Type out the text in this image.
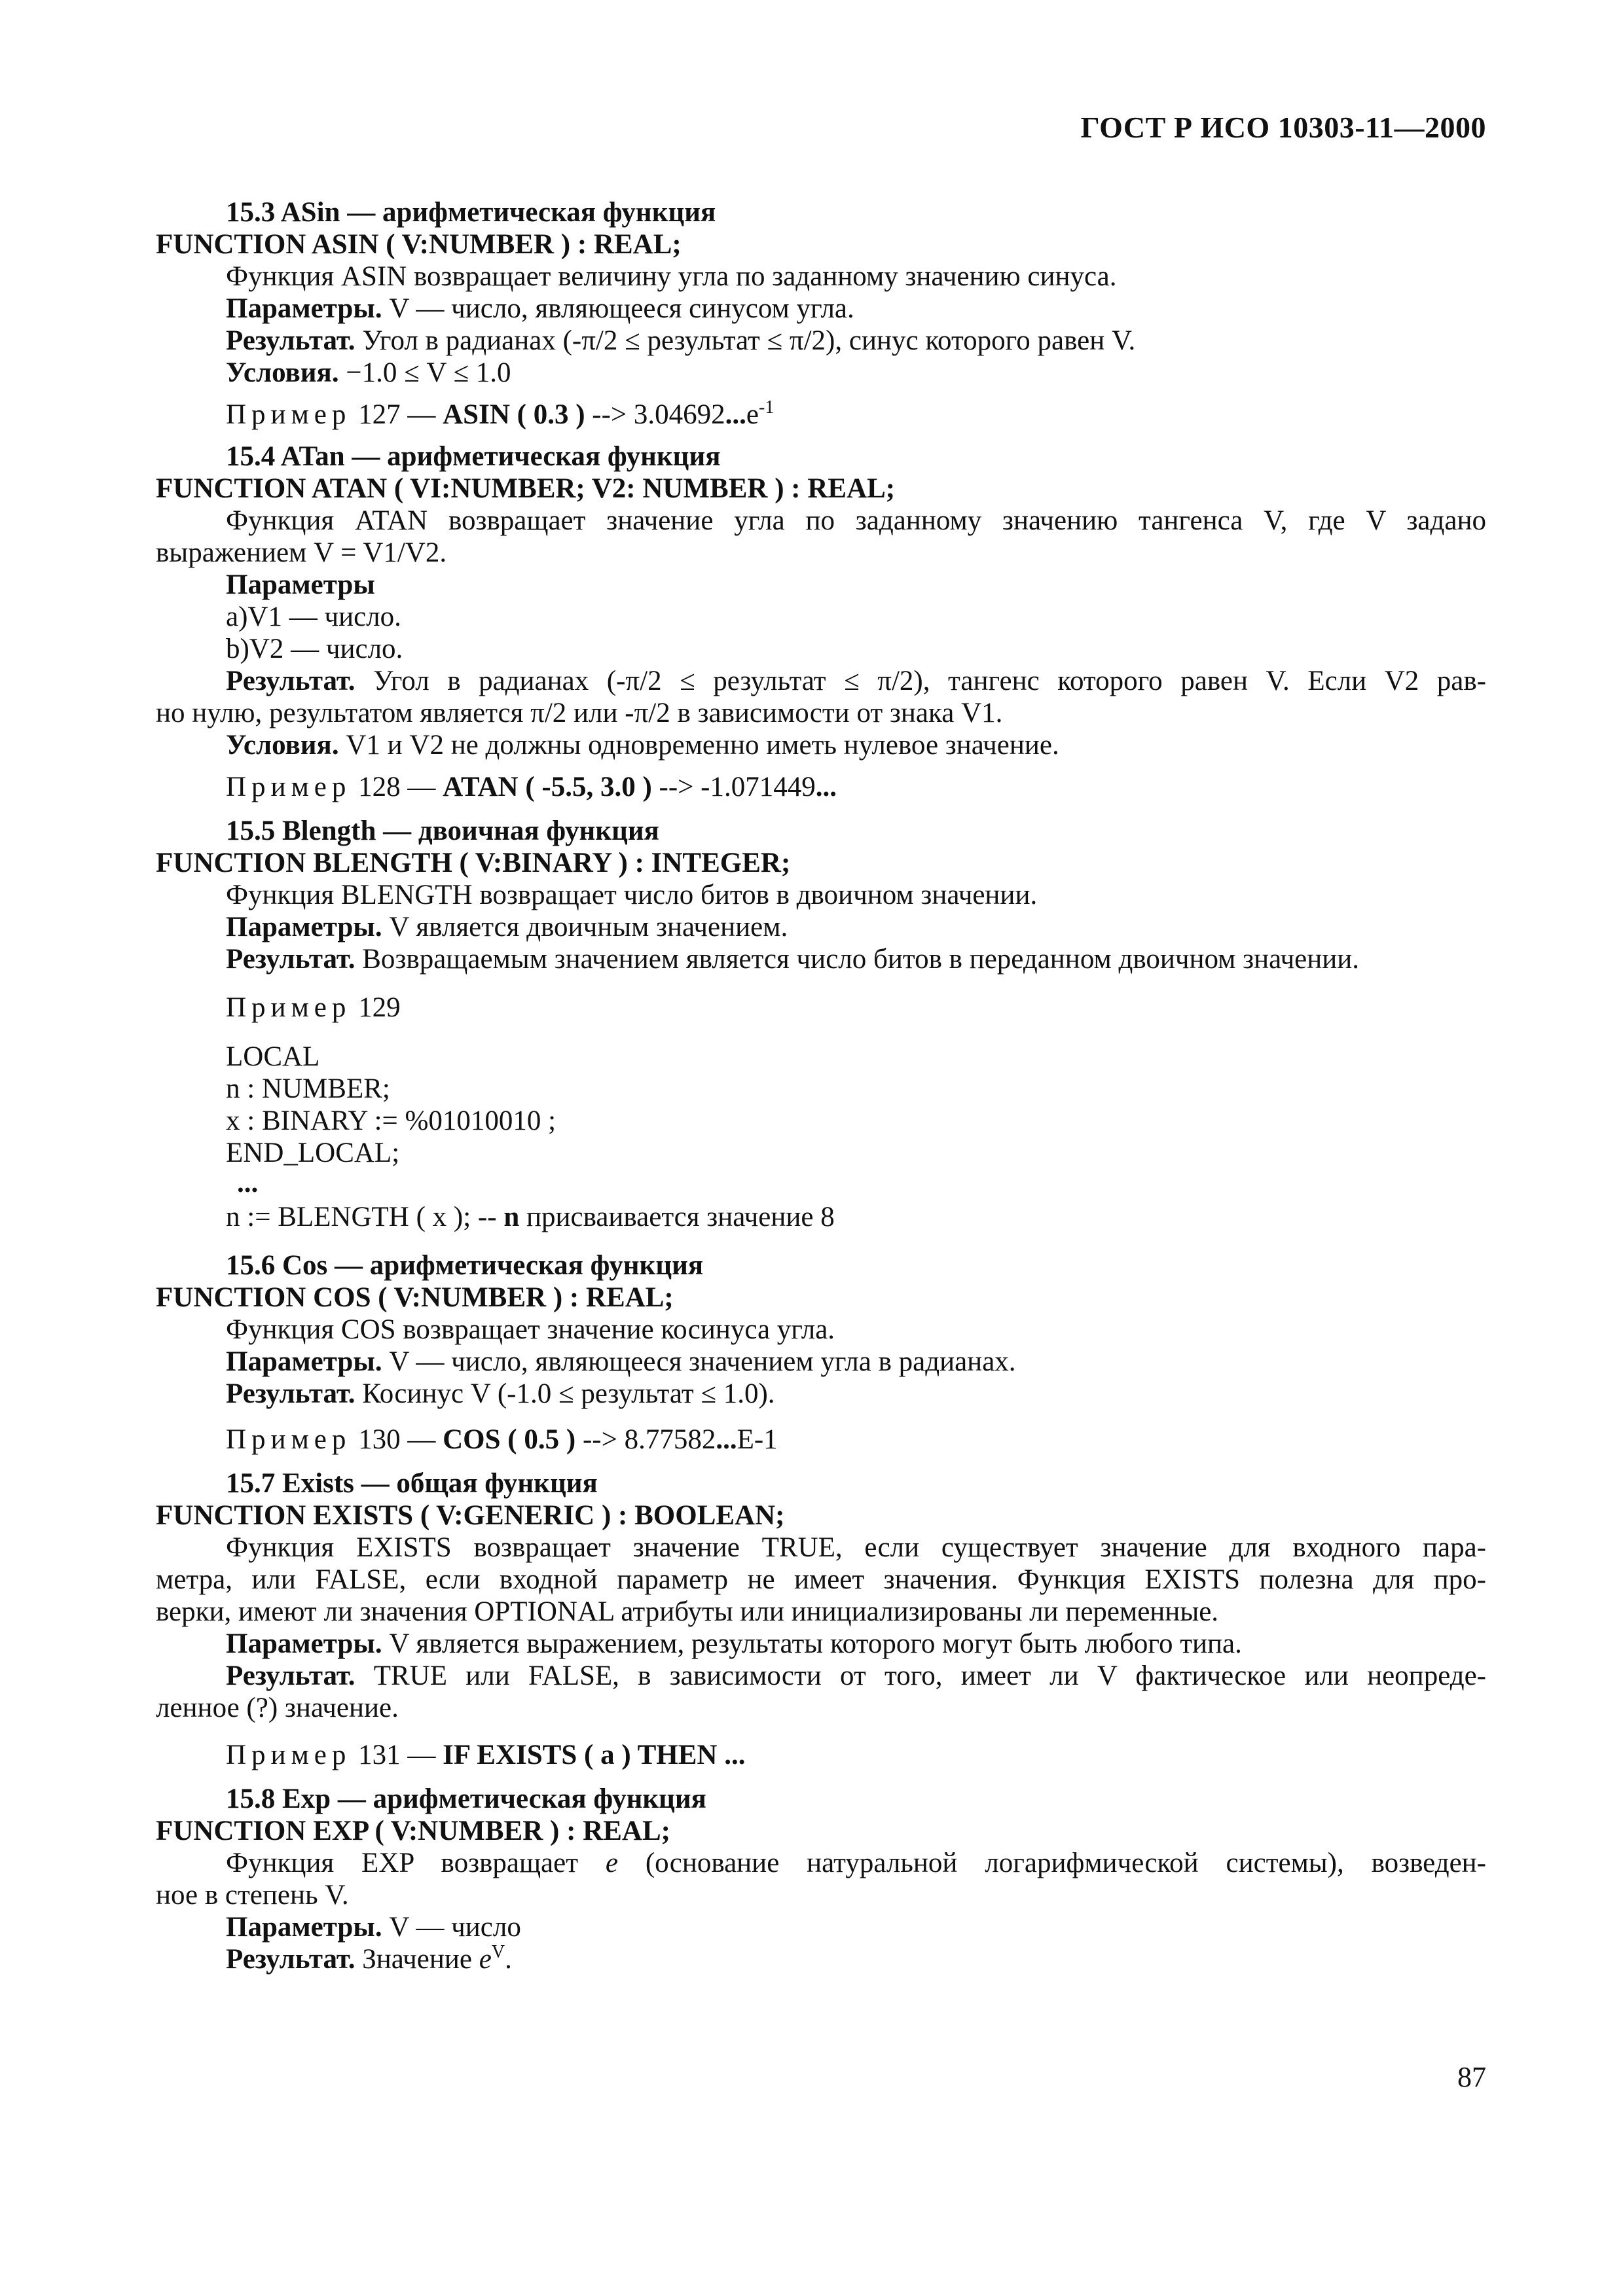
ГОСТ Р ИСО 10303-11—2000
15.3 ASin — арифметическая функция
FUNCTION ASIN ( V:NUMBER ) : REAL;
Функция ASIN возвращает величину угла по заданному значению синуса.
Параметры. V — число, являющееся синусом угла.
Результат. Угол в радианах (-π/2 ≤ результат ≤ π/2), синус которого равен V.
Условия. −1.0 ≤ V ≤ 1.0
Пример 127 — ASIN ( 0.3 ) --> $3.04692...e^{-1}$
15.4 ATan — арифметическая функция
FUNCTION ATAN ( VI:NUMBER; V2: NUMBER ) : REAL;
Функция ATAN возвращает значение угла по заданному значению тангенса V, где V задано
выражением V = V1/V2.
Параметры
a)V1 — число.
b)V2 — число.
Результат. Угол в радианах (-π/2 ≤ результат ≤ π/2), тангенс которого равен V. Если V2 рав-
но нулю, результатом является π/2 или -π/2 в зависимости от знака V1.
Условия. V1 и V2 не должны одновременно иметь нулевое значение.
Пример 128 — ATAN ( -5.5, 3.0 ) --> -1.071449...
15.5 Blength — двоичная функция
FUNCTION BLENGTH ( V:BINARY ) : INTEGER;
Функция BLENGTH возвращает число битов в двоичном значении.
Параметры. V является двоичным значением.
Результат. Возвращаемым значением является число битов в переданном двоичном значении.
Пример 129
LOCAL
n : NUMBER;
x : BINARY := %01010010 ;
END_LOCAL;
...
n := BLENGTH ( x ); -- n присваивается значение 8
15.6 Cos — арифметическая функция
FUNCTION COS ( V:NUMBER ) : REAL;
Функция COS возвращает значение косинуса угла.
Параметры. V — число, являющееся значением угла в радианах.
Результат. Косинус V (-1.0 ≤ результат ≤ 1.0).
Пример 130 — COS ( 0.5 ) --> 8.77582...E-1
15.7 Exists — общая функция
FUNCTION EXISTS ( V:GENERIC ) : BOOLEAN;
Функция EXISTS возвращает значение TRUE, если существует значение для входного пара-
метра, или FALSE, если входной параметр не имеет значения. Функция EXISTS полезна для про-
верки, имеют ли значения OPTIONAL атрибуты или инициализированы ли переменные.
Параметры. V является выражением, результаты которого могут быть любого типа.
Результат. TRUE или FALSE, в зависимости от того, имеет ли V фактическое или неопреде-
ленное (?) значение.
Пример 131 — IF EXISTS ( a ) THEN ...
15.8 Exp — арифметическая функция
FUNCTION EXP ( V:NUMBER ) : REAL;
Функция EXP возвращает e (основание натуральной логарифмической системы), возведен-
ное в степень V.
Параметры. V — число
Результат. Значение $e^V$.
87
